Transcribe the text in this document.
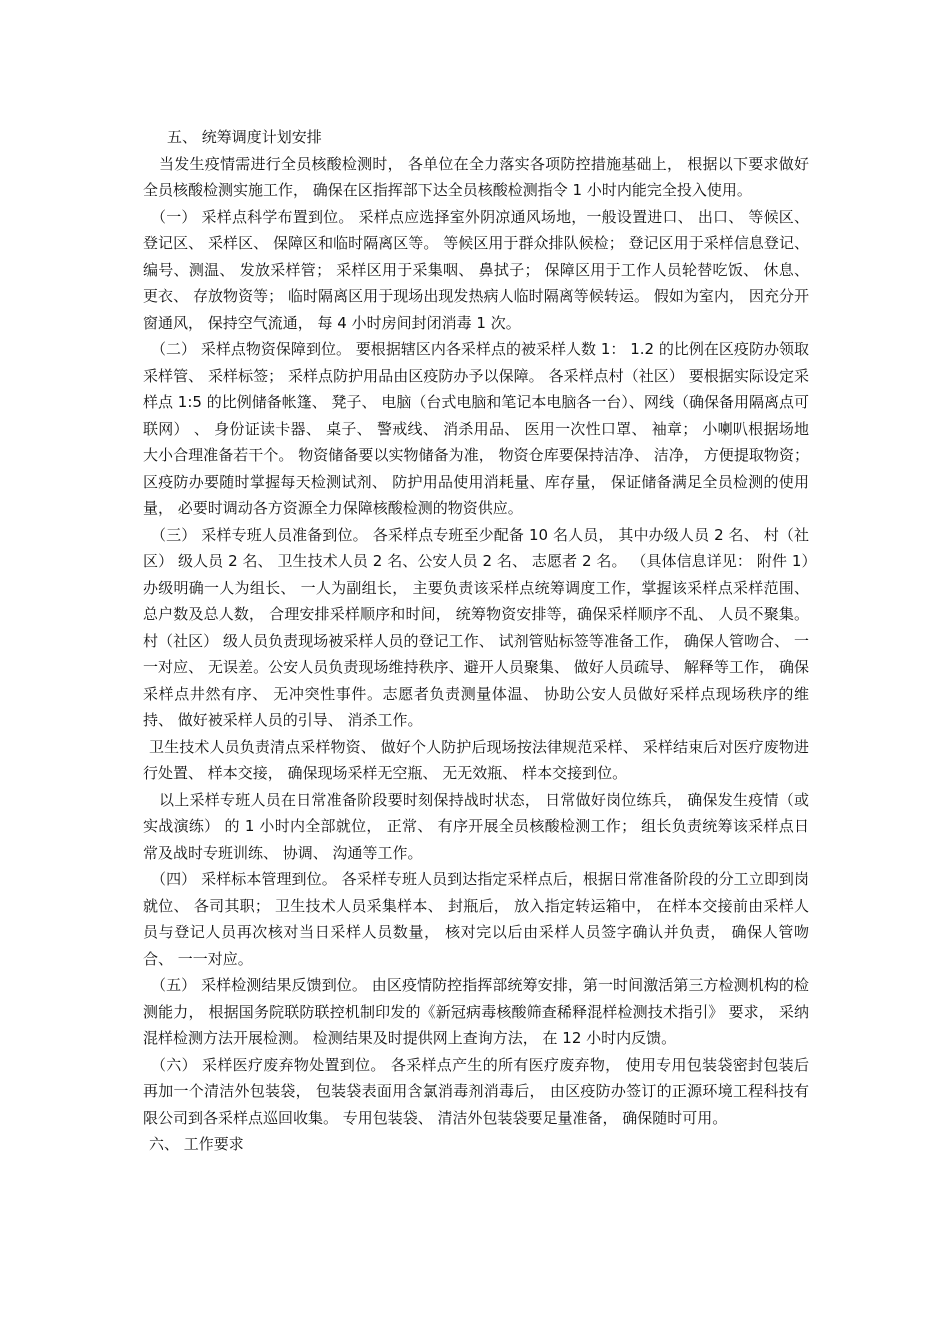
五、 统筹调度计划安排

当发生疫情需进行全员核酸检测时， 各单位在全力落实各项防控措施基础上， 根据以下要求做好全员核酸检测实施工作， 确保在区指挥部下达全员核酸检测指令 1 小时内能完全投入使用。

（一） 采样点科学布置到位。 采样点应选择室外阴凉通风场地，一般设置进口、 出口、 等候区、 登记区、 采样区、 保障区和临时隔离区等。 等候区用于群众排队候检； 登记区用于采样信息登记、 编号、测温、 发放采样管； 采样区用于采集咽、 鼻拭子； 保障区用于工作人员轮替吃饭、 休息、 更衣、 存放物资等； 临时隔离区用于现场出现发热病人临时隔离等候转运。 假如为室内， 因充分开窗通风， 保持空气流通， 每 4 小时房间封闭消毒 1 次。

（二） 采样点物资保障到位。 要根据辖区内各采样点的被采样人数 1： 1.2 的比例在区疫防办领取采样管、 采样标签； 采样点防护用品由区疫防办予以保障。 各采样点村（社区） 要根据实际设定采样点 1:5 的比例储备帐篷、 凳子、 电脑（台式电脑和笔记本电脑各一台）、网线（确保备用隔离点可联网） 、 身份证读卡器、 桌子、 警戒线、 消杀用品、 医用一次性口罩、 袖章； 小喇叭根据场地大小合理准备若干个。 物资储备要以实物储备为准， 物资仓库要保持洁净、 洁净， 方便提取物资； 区疫防办要随时掌握每天检测试剂、 防护用品使用消耗量、库存量， 保证储备满足全员检测的使用量， 必要时调动各方资源全力保障核酸检测的物资供应。

（三） 采样专班人员准备到位。 各采样点专班至少配备 10 名人员， 其中办级人员 2 名、 村（社区） 级人员 2 名、 卫生技术人员 2 名、公安人员 2 名、 志愿者 2 名。 （具体信息详见： 附件 1）办级明确一人为组长、 一人为副组长， 主要负责该采样点统筹调度工作，掌握该采样点采样范围、 总户数及总人数， 合理安排采样顺序和时间， 统筹物资安排等，确保采样顺序不乱、 人员不聚集。村（社区） 级人员负责现场被采样人员的登记工作、 试剂管贴标签等准备工作， 确保人管吻合、 一一对应、 无误差。公安人员负责现场维持秩序、避开人员聚集、 做好人员疏导、 解释等工作， 确保采样点井然有序、 无冲突性事件。志愿者负责测量体温、 协助公安人员做好采样点现场秩序的维持、 做好被采样人员的引导、 消杀工作。

卫生技术人员负责清点采样物资、 做好个人防护后现场按法律规范采样、 采样结束后对医疗废物进行处置、 样本交接， 确保现场采样无空瓶、 无无效瓶、 样本交接到位。

以上采样专班人员在日常准备阶段要时刻保持战时状态， 日常做好岗位练兵， 确保发生疫情（或实战演练） 的 1 小时内全部就位， 正常、 有序开展全员核酸检测工作； 组长负责统筹该采样点日常及战时专班训练、 协调、 沟通等工作。

（四） 采样标本管理到位。 各采样专班人员到达指定采样点后，根据日常准备阶段的分工立即到岗就位、 各司其职； 卫生技术人员采集样本、 封瓶后， 放入指定转运箱中， 在样本交接前由采样人员与登记人员再次核对当日采样人员数量， 核对完以后由采样人员签字确认并负责， 确保人管吻合、 一一对应。

（五） 采样检测结果反馈到位。 由区疫情防控指挥部统筹安排，第一时间激活第三方检测机构的检测能力， 根据国务院联防联控机制印发的《新冠病毒核酸筛查稀释混样检测技术指引》 要求， 采纳混样检测方法开展检测。 检测结果及时提供网上查询方法， 在 12 小时内反馈。

（六） 采样医疗废弃物处置到位。 各采样点产生的所有医疗废弃物， 使用专用包装袋密封包装后再加一个清洁外包装袋， 包装袋表面用含氯消毒剂消毒后， 由区疫防办签订的正源环境工程科技有限公司到各采样点巡回收集。 专用包装袋、 清洁外包装袋要足量准备， 确保随时可用。

六、 工作要求
